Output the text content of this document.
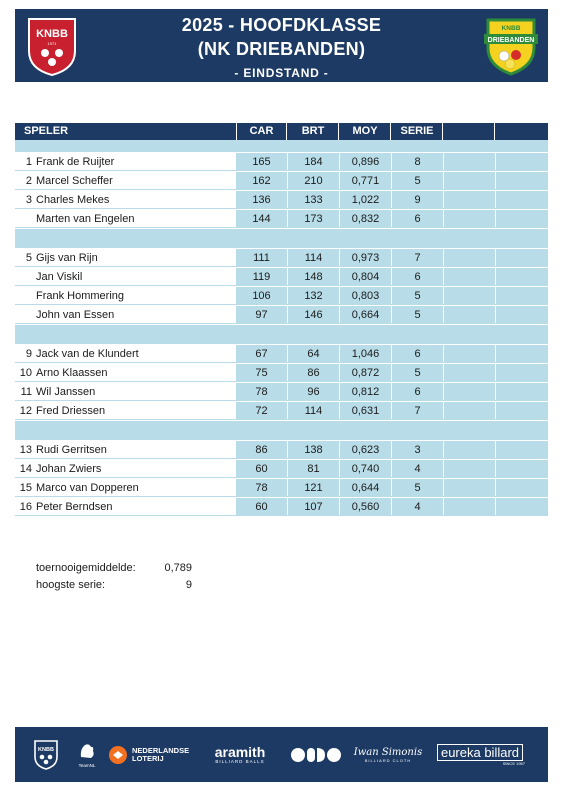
KNBB
1971
2025 - HOOFDKLASSE
(NK DRIEBANDEN)
- EINDSTAND -
KNBB
DRIEBANDEN
SPELER	CAR	BRT	MOY	SERIE
1 Frank de Ruijter	165	184	0,896	8
2 Marcel Scheffer	162	210	0,771	5
3 Charles Mekes	136	133	1,022	9
Marten van Engelen	144	173	0,832	6
5 Gijs van Rijn	111	114	0,973	7
Jan Viskil	119	148	0,804	6
Frank Hommering	106	132	0,803	5
John van Essen	97	146	0,664	5
9 Jack van de Klundert	67	64	1,046	6
10 Arno Klaassen	75	86	0,872	5
11 Wil Janssen	78	96	0,812	6
12 Fred Driessen	72	114	0,631	7
13 Rudi Gerritsen	86	138	0,623	3
14 Johan Zwiers	60	81	0,740	4
15 Marco van Dopperen	78	121	0,644	5
16 Peter Berndsen	60	107	0,560	4
toernooigemiddelde:	0,789
hoogste serie:	9
KNBB
TeamNL
NEDERLANDSE LOTERIJ	aramith
BILLIARD BALLS
Iwan Simonis
BILLIARD CLOTH
eureka billard
SINCE 1957
